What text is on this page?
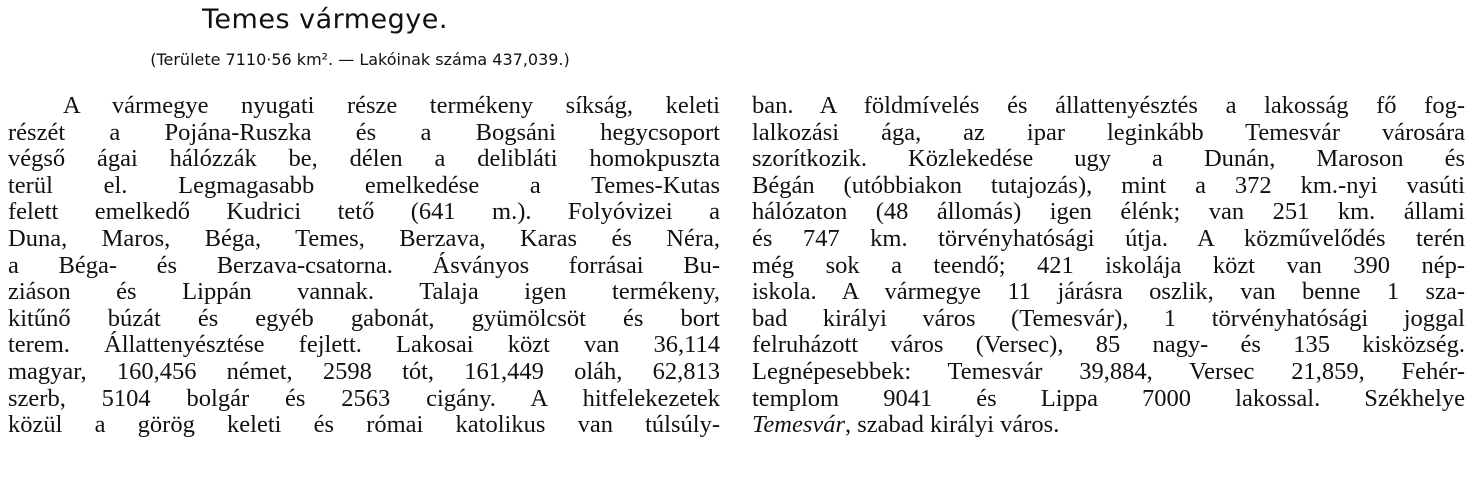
Temes vármegye.

(Területe 7110·56 km². — Lakóinak száma 437,039.)

A vármegye nyugati része termékeny síkság, keleti
részét a Pojána-Ruszka és a Bogsáni hegycsoport
végső ágai hálózzák be, délen a delibláti homokpuszta
terül el. Legmagasabb emelkedése a Temes-Kutas
felett emelkedő Kudrici tető (641 m.). Folyóvizei a
Duna, Maros, Béga, Temes, Berzava, Karas és Néra,
a Béga- és Berzava-csatorna. Ásványos forrásai Bu-
ziáson és Lippán vannak. Talaja igen termékeny,
kitűnő búzát és egyéb gabonát, gyümölcsöt és bort
terem. Állattenyésztése fejlett. Lakosai közt van 36,114
magyar, 160,456 német, 2598 tót, 161,449 oláh, 62,813
szerb, 5104 bolgár és 2563 cigány. A hitfelekezetek
közül a görög keleti és római katolikus van túlsúly-
ban. A földmívelés és állattenyésztés a lakosság fő fog-
lalkozási ága, az ipar leginkább Temesvár városára
szorítkozik. Közlekedése ugy a Dunán, Maroson és
Bégán (utóbbiakon tutajozás), mint a 372 km.-nyi vasúti
hálózaton (48 állomás) igen élénk; van 251 km. állami
és 747 km. törvényhatósági útja. A közművelődés terén
még sok a teendő; 421 iskolája közt van 390 nép-
iskola. A vármegye 11 járásra oszlik, van benne 1 sza-
bad királyi város (Temesvár), 1 törvényhatósági joggal
felruházott város (Versec), 85 nagy- és 135 kisközség.
Legnépesebbek: Temesvár 39,884, Versec 21,859, Fehér-
templom 9041 és Lippa 7000 lakossal. Székhelye
Temesvár, szabad királyi város.
